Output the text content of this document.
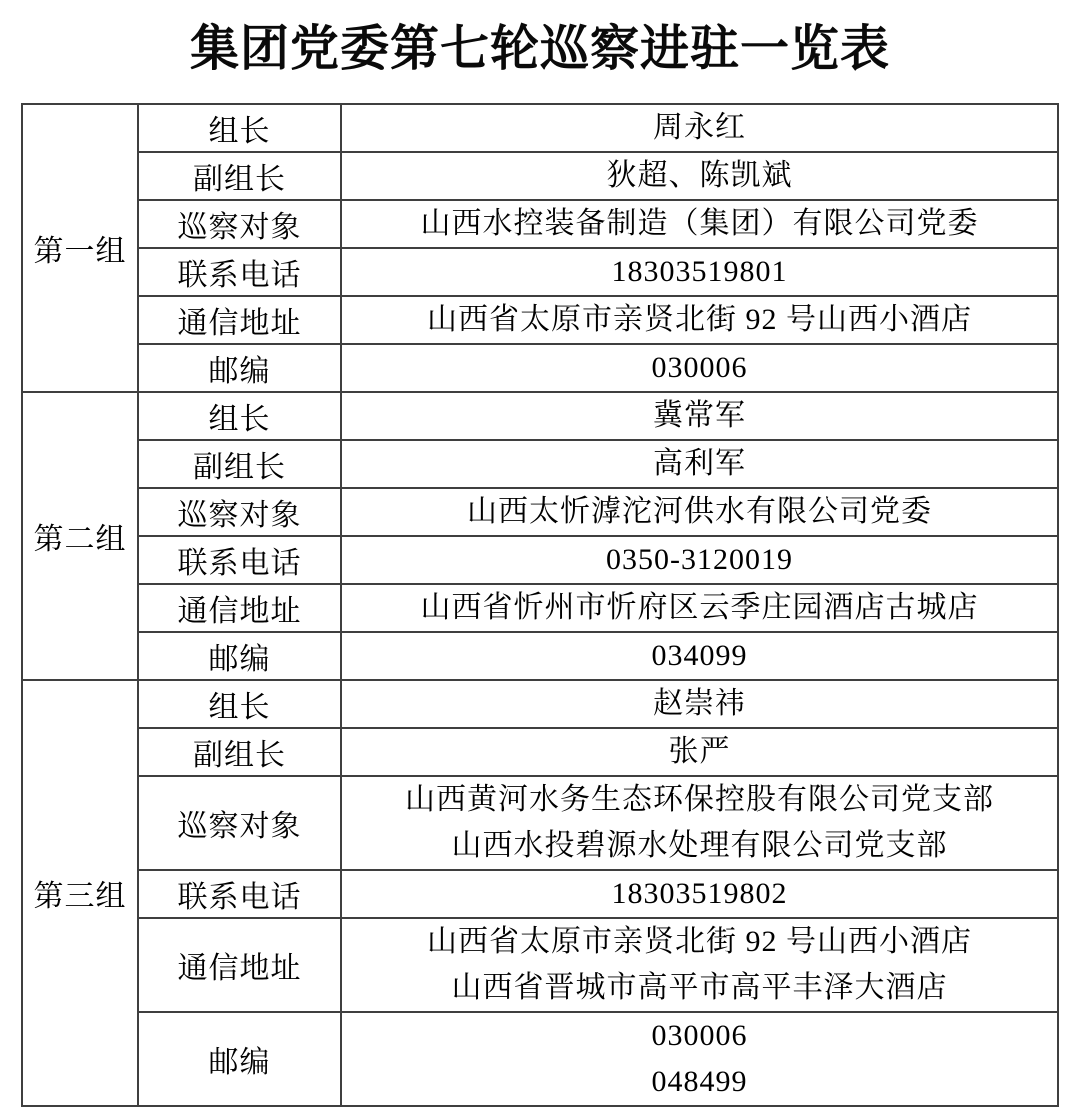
集团党委第七轮巡察进驻一览表
第一组	组长	周永红

	副组长	狄超、陈凯斌

	巡察对象	山西水控装备制造（集团）有限公司党委

	联系电话	18303519801

	通信地址	山西省太原市亲贤北街 92 号山西小酒店

	邮编	030006

第二组	组长	冀常军

	副组长	高利军

	巡察对象	山西太忻滹沱河供水有限公司党委

	联系电话	0350-3120019

	通信地址	山西省忻州市忻府区云季庄园酒店古城店

	邮编	034099

第三组	组长	赵崇祎

	副组长	张严

	巡察对象	山西黄河水务生态环保控股有限公司党支部
山西水投碧源水处理有限公司党支部

	联系电话	18303519802

	通信地址	山西省太原市亲贤北街 92 号山西小酒店
山西省晋城市高平市高平丰泽大酒店

	邮编	030006
048499
